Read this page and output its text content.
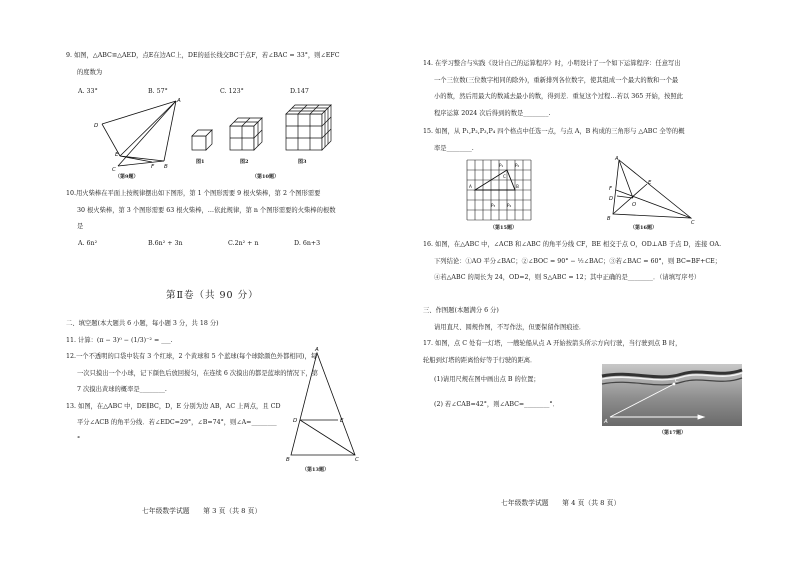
9. 如图，△ABC≌△AED，点E在边AC上，DE的延长线交BC于点F，若∠BAC = 33°，则∠EFC

的度数为

A. 33°	B. 57°	C. 123°	D.147
A
D
E
C	F B
（第9题）
图1	图2	图3
（第10题）

10.用火柴棒在平面上按规律摆出如下图形，第 1 个图形需要 9 根火柴棒，第 2 个图形需要

30 根火柴棒，第 3 个图形需要 63 根火柴棒，…依此规律，第 n 个图形需要的火柴棒的根数

是

A. 6n²	B.6n² + 3n	C.2n² + n	D. 6n+3
第Ⅱ卷（共 90 分）

二、填空题(本大题共 6 小题，每小题 3 分，共 18 分)

11. 计算：(π − 3)⁰ − (1/3)⁻² = ___.

12.一个不透明的口袋中装有 3 个红球，2 个黄球和 5 个蓝球(每个球除颜色外都相同)，每

一次只摸出一个小球，记下颜色后放回搅匀，在连续 6 次摸出的都是蓝球的情况下，第

7 次摸出黄球的概率是________.

13. 如图，在△ABC 中，DE∥BC，D，E 分别为边 AB，AC 上两点，且 CD

平分∠ACB 的角平分线．若∠EDC=29°，∠B=74°，则∠A=________

°

A
D	E
B	C
（第13题）
七年级数学试题　　第 3 页（共 8 页）

14. 在学习整合与实践《设计自己的运算程序》时，小明设计了一个如下运算程序：任意写出

一个三位数(三位数字相同的除外)，重新排列各位数字，使其组成一个最大的数和一个最

小的数，然后用最大的数减去最小的数，得到差．重复这个过程…若以 365 开始，按照此

程序运算 2024 次后得到的数是________.

15. 如图，从 P₁,P₂,P₃,P₄ 四个格点中任选一点，与点 A，B 构成的三角形与 △ABC 全等的概

率是________.

P₁	P₂
P₃	P₄
A	B
C
（第15题）
A
F
E
O
D
B
C
（第16题）

16. 如图，在△ABC 中，∠ACB 和∠ABC 的角平分线 CF，BE 相交于点 O，OD⊥AB 于点 D，连接 OA.

下列结论：①AO 平分∠BAC；②∠BOC = 90° − ½∠BAC；③若∠BAC = 60°，则 BC=BF+CE；

④若△ABC 的周长为 24，OD=2，则 S△ABC = 12；其中正确的是________．（请填写序号）

三、作图题(本题满分 6 分)

请用直尺、圆规作图，不写作法，但要保留作图痕迹．

17. 如图，点 C 处有一灯塔，一艘轮船从点 A 开始按箭头所示方向行驶，当行驶到点 B 时，

轮船到灯塔的距离恰好等于行驶的距离．

(1)请用尺规在图中画出点 B 的位置；

(2) 若∠CAB=42°，则∠ABC=________°．

C
A
（第17题）
七年级数学试题　　第 4 页（共 8 页）
